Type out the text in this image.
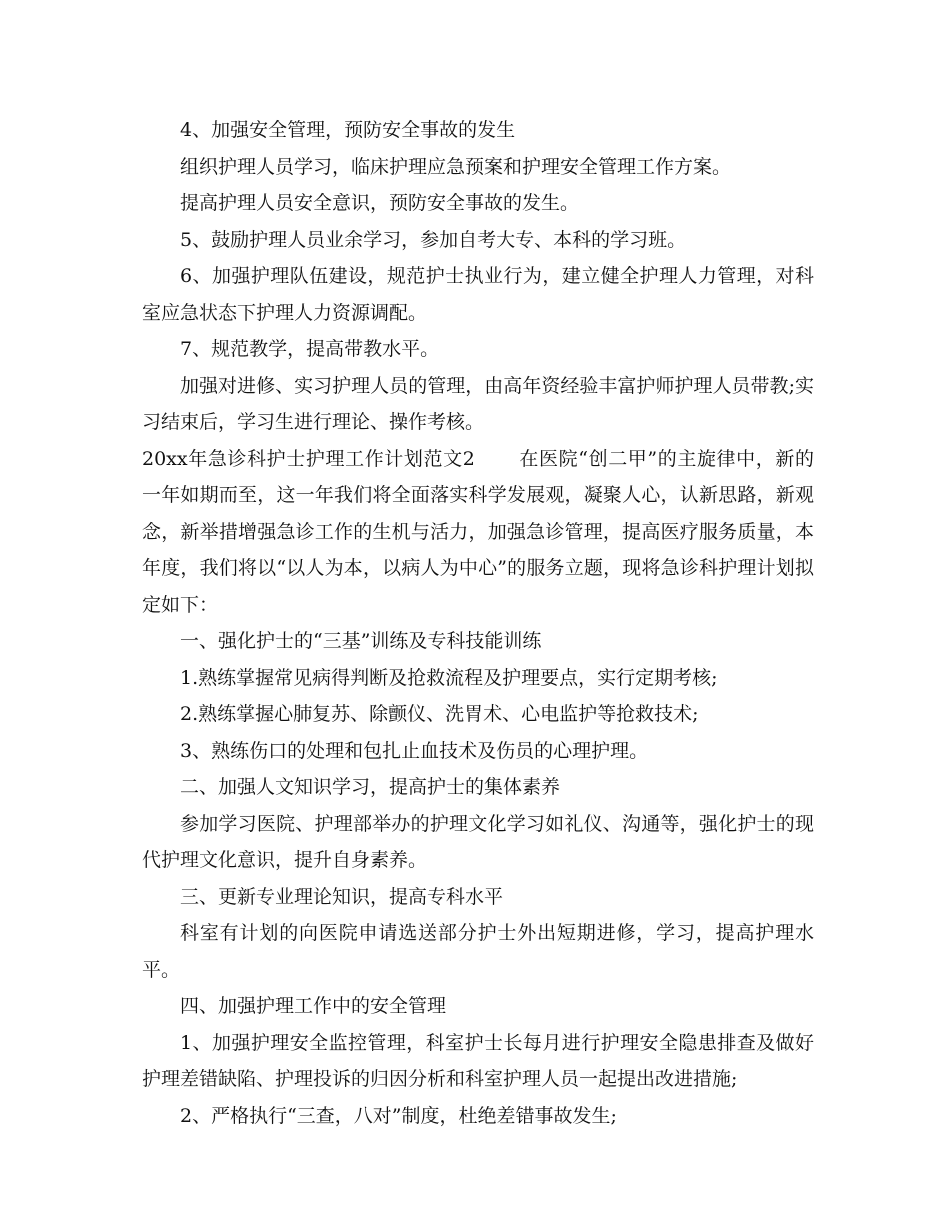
4、加强安全管理，预防安全事故的发生

组织护理人员学习，临床护理应急预案和护理安全管理工作方案。

提高护理人员安全意识，预防安全事故的发生。

5、鼓励护理人员业余学习，参加自考大专、本科的学习班。

6、加强护理队伍建设，规范护士执业行为，建立健全护理人力管理，对科室应急状态下护理人力资源调配。

7、规范教学，提高带教水平。

加强对进修、实习护理人员的管理，由高年资经验丰富护师护理人员带教;实习结束后，学习生进行理论、操作考核。

20xx年急诊科护士护理工作计划范文2 在医院“创二甲”的主旋律中，新的一年如期而至，这一年我们将全面落实科学发展观，凝聚人心，认新思路，新观念，新举措增强急诊工作的生机与活力，加强急诊管理，提高医疗服务质量，本年度，我们将以“以人为本，以病人为中心”的服务立题，现将急诊科护理计划拟定如下：

一、强化护士的“三基”训练及专科技能训练

1.熟练掌握常见病得判断及抢救流程及护理要点，实行定期考核;

2.熟练掌握心肺复苏、除颤仪、洗胃术、心电监护等抢救技术;

3、熟练伤口的处理和包扎止血技术及伤员的心理护理。

二、加强人文知识学习，提高护士的集体素养

参加学习医院、护理部举办的护理文化学习如礼仪、沟通等，强化护士的现代护理文化意识，提升自身素养。

三、更新专业理论知识，提高专科水平

科室有计划的向医院申请选送部分护士外出短期进修，学习，提高护理水平。

四、加强护理工作中的安全管理

1、加强护理安全监控管理，科室护士长每月进行护理安全隐患排查及做好护理差错缺陷、护理投诉的归因分析和科室护理人员一起提出改进措施;

2、严格执行“三查，八对”制度，杜绝差错事故发生;
